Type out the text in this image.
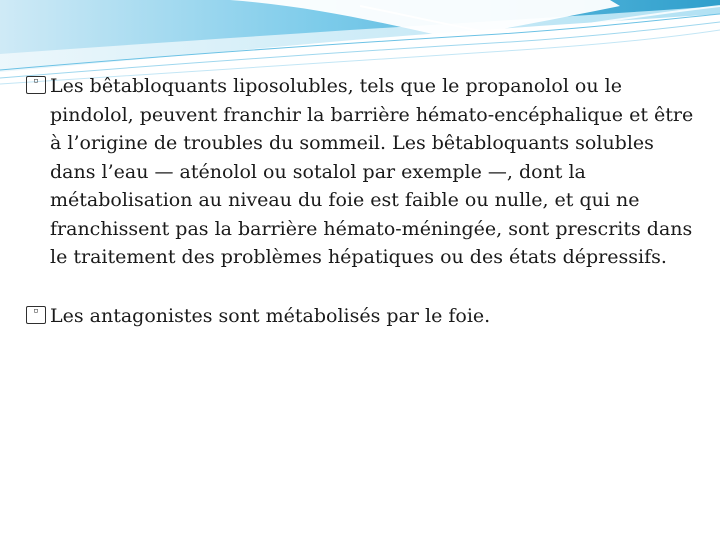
▫ Les bêtabloquants liposolubles, tels que le propanolol ou le pindolol, peuvent franchir la barrière hémato-encéphalique et être à l’origine de troubles du sommeil. Les bêtabloquants solubles dans l’eau — aténolol ou sotalol par exemple —, dont la métabolisation au niveau du foie est faible ou nulle, et qui ne franchissent pas la barrière hémato-méningée, sont prescrits dans le traitement des problèmes hépatiques ou des états dépressifs.

▫ Les antagonistes sont métabolisés par le foie.
